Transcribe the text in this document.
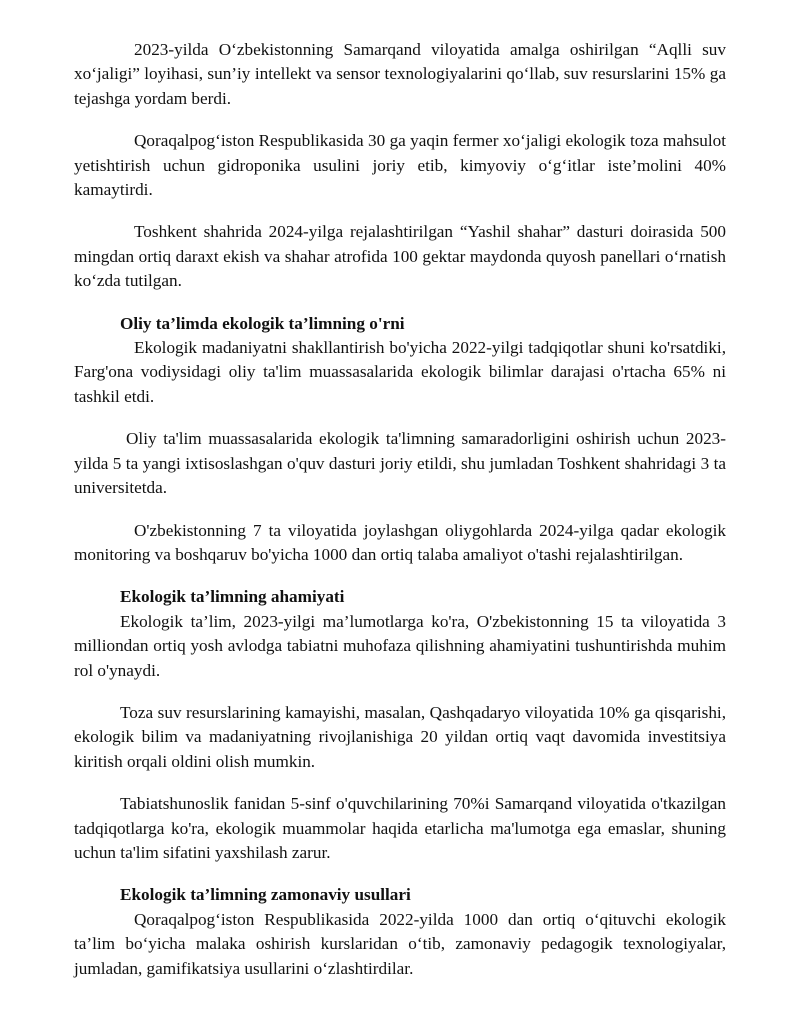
2023-yilda O‘zbekistonning Samarqand viloyatida amalga oshirilgan “Aqlli suv xo‘jaligi” loyihasi, sun’iy intellekt va sensor texnologiyalarini qo‘llab, suv resurslarini 15% ga tejashga yordam berdi.

Qoraqalpog‘iston Respublikasida 30 ga yaqin fermer xo‘jaligi ekologik toza mahsulot yetishtirish uchun gidroponika usulini joriy etib, kimyoviy o‘g‘itlar iste’molini 40% kamaytirdi.

Toshkent shahrida 2024-yilga rejalashtirilgan “Yashil shahar” dasturi doirasida 500 mingdan ortiq daraxt ekish va shahar atrofida 100 gektar maydonda quyosh panellari o‘rnatish ko‘zda tutilgan.

Oliy ta’limda ekologik ta’limning o'rni

Ekologik madaniyatni shakllantirish bo'yicha 2022-yilgi tadqiqotlar shuni ko'rsatdiki, Farg'ona vodiysidagi oliy ta'lim muassasalarida ekologik bilimlar darajasi o'rtacha 65% ni tashkil etdi.

Oliy ta'lim muassasalarida ekologik ta'limning samaradorligini oshirish uchun 2023-yilda 5 ta yangi ixtisoslashgan o'quv dasturi joriy etildi, shu jumladan Toshkent shahridagi 3 ta universitetda.

O'zbekistonning 7 ta viloyatida joylashgan oliygohlarda 2024-yilga qadar ekologik monitoring va boshqaruv bo'yicha 1000 dan ortiq talaba amaliyot o'tashi rejalashtirilgan.

Ekologik ta’limning ahamiyati

Ekologik ta’lim, 2023-yilgi ma’lumotlarga ko'ra, O'zbekistonning 15 ta viloyatida 3 milliondan ortiq yosh avlodga tabiatni muhofaza qilishning ahamiyatini tushuntirishda muhim rol o'ynaydi.

Toza suv resurslarining kamayishi, masalan, Qashqadaryo viloyatida 10% ga qisqarishi, ekologik bilim va madaniyatning rivojlanishiga 20 yildan ortiq vaqt davomida investitsiya kiritish orqali oldini olish mumkin.

Tabiatshunoslik fanidan 5-sinf o'quvchilarining 70%i Samarqand viloyatida o'tkazilgan tadqiqotlarga ko'ra, ekologik muammolar haqida etarlicha ma'lumotga ega emaslar, shuning uchun ta'lim sifatini yaxshilash zarur.

Ekologik ta’limning zamonaviy usullari

Qoraqalpog‘iston Respublikasida 2022-yilda 1000 dan ortiq o‘qituvchi ekologik ta’lim bo‘yicha malaka oshirish kurslaridan o‘tib, zamonaviy pedagogik texnologiyalar, jumladan, gamifikatsiya usullarini o‘zlashtirdilar.
